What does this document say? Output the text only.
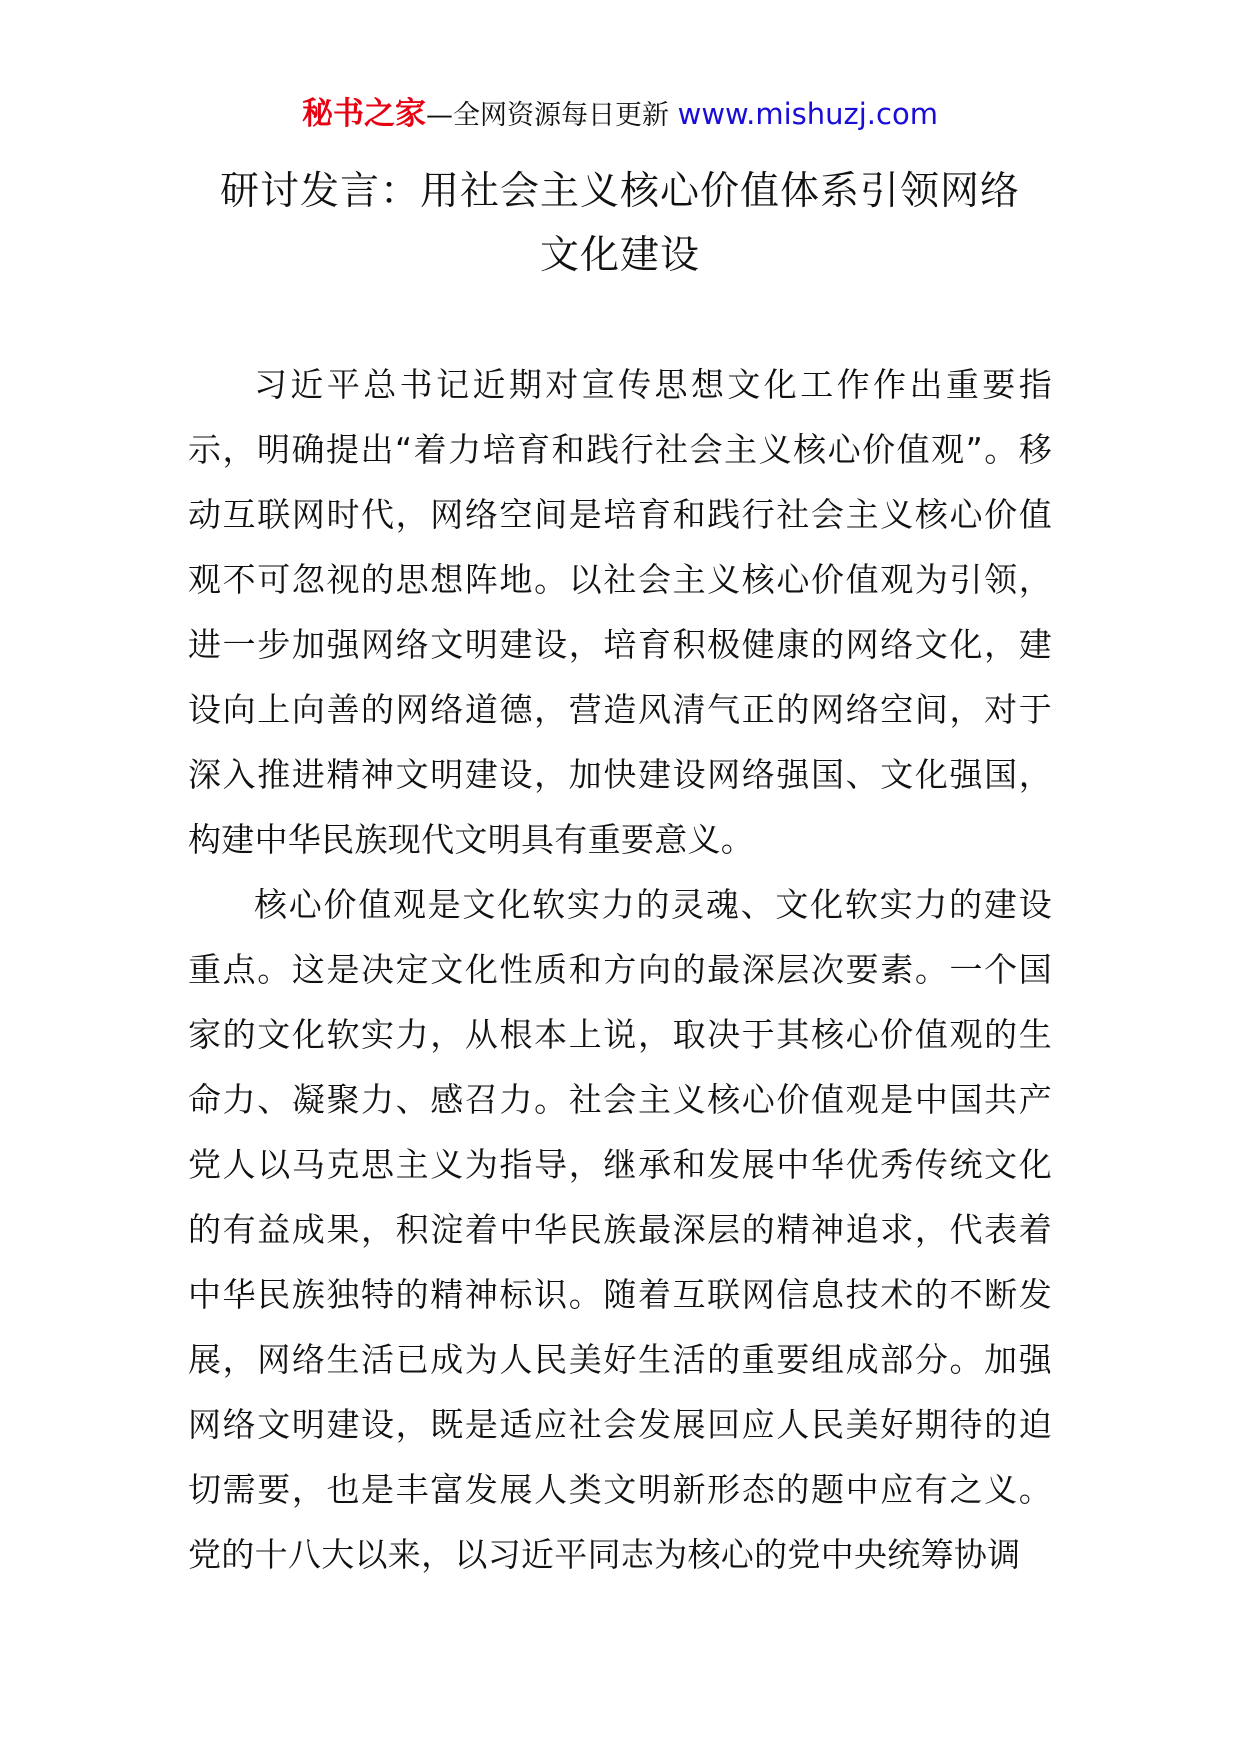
秘书之家—全网资源每日更新 www.mishuzj.com
研讨发言：用社会主义核心价值体系引领网络
文化建设

习近平总书记近期对宣传思想文化工作作出重要指示，明确提出“着力培育和践行社会主义核心价值观”。移动互联网时代，网络空间是培育和践行社会主义核心价值观不可忽视的思想阵地。以社会主义核心价值观为引领，进一步加强网络文明建设，培育积极健康的网络文化，建设向上向善的网络道德，营造风清气正的网络空间，对于深入推进精神文明建设，加快建设网络强国、文化强国，构建中华民族现代文明具有重要意义。

核心价值观是文化软实力的灵魂、文化软实力的建设重点。这是决定文化性质和方向的最深层次要素。一个国家的文化软实力，从根本上说，取决于其核心价值观的生命力、凝聚力、感召力。社会主义核心价值观是中国共产党人以马克思主义为指导，继承和发展中华优秀传统文化的有益成果，积淀着中华民族最深层的精神追求，代表着中华民族独特的精神标识。随着互联网信息技术的不断发展，网络生活已成为人民美好生活的重要组成部分。加强网络文明建设，既是适应社会发展回应人民美好期待的迫切需要，也是丰富发展人类文明新形态的题中应有之义。党的十八大以来，以习近平同志为核心的党中央统筹协调
